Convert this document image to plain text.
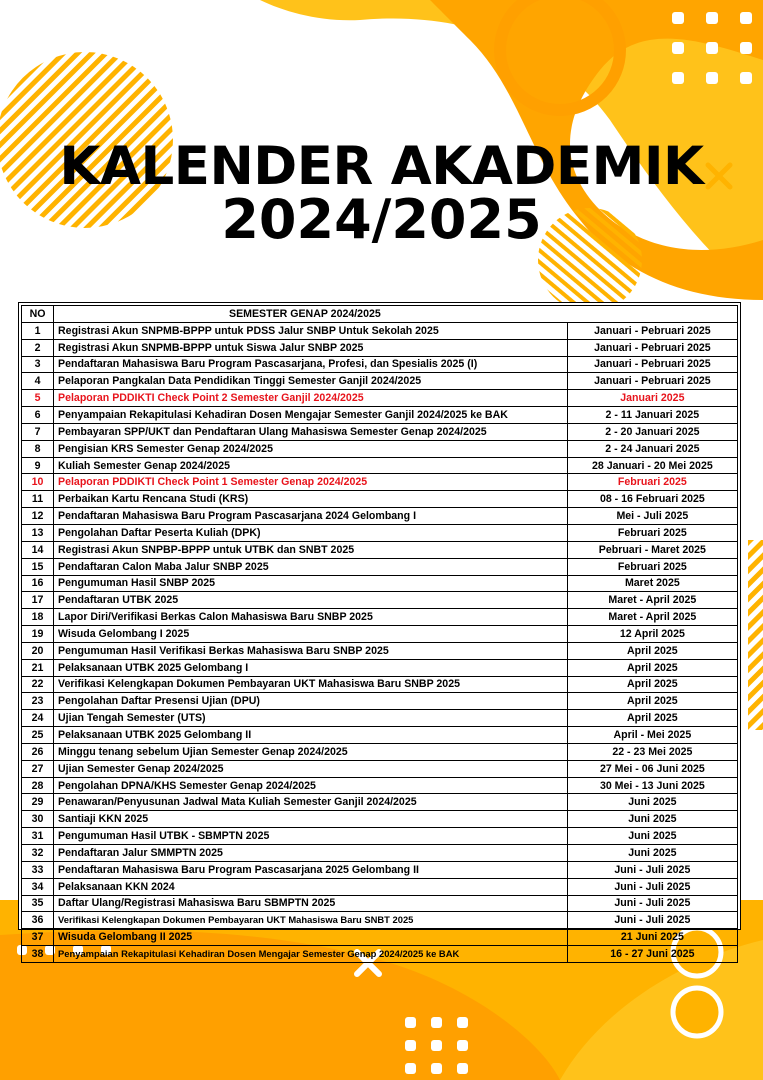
KALENDER AKADEMIK
2024/2025
NO	SEMESTER GENAP 2024/2025	
1	Registrasi Akun SNPMB-BPPP untuk PDSS Jalur SNBP Untuk Sekolah 2025	Januari - Pebruari 2025
2	Registrasi Akun SNPMB-BPPP untuk Siswa Jalur SNBP 2025	Januari - Pebruari 2025
3	Pendaftaran Mahasiswa Baru Program Pascasarjana, Profesi, dan Spesialis 2025 (I)	Januari - Pebruari 2025
4	Pelaporan Pangkalan Data Pendidikan Tinggi Semester Ganjil 2024/2025	Januari - Pebruari 2025
5	Pelaporan PDDIKTI Check Point 2 Semester Ganjil 2024/2025	Januari 2025
6	Penyampaian Rekapitulasi Kehadiran Dosen Mengajar Semester Ganjil 2024/2025 ke BAK	2 - 11 Januari 2025
7	Pembayaran SPP/UKT dan Pendaftaran Ulang Mahasiswa Semester Genap 2024/2025	2 - 20 Januari 2025
8	Pengisian KRS Semester Genap 2024/2025	2 - 24 Januari 2025
9	Kuliah Semester Genap 2024/2025	28 Januari - 20 Mei 2025
10	Pelaporan PDDIKTI Check Point 1 Semester Genap 2024/2025	Februari 2025
11	Perbaikan Kartu Rencana Studi (KRS)	08 - 16 Februari 2025
12	Pendaftaran Mahasiswa Baru Program Pascasarjana 2024 Gelombang I	Mei - Juli 2025
13	Pengolahan Daftar Peserta Kuliah (DPK)	Februari 2025
14	Registrasi Akun SNPBP-BPPP untuk UTBK dan SNBT 2025	Pebruari - Maret 2025
15	Pendaftaran Calon Maba Jalur SNBP 2025	Februari 2025
16	Pengumuman Hasil SNBP 2025	Maret 2025
17	Pendaftaran UTBK 2025	Maret - April 2025
18	Lapor Diri/Verifikasi Berkas Calon Mahasiswa Baru SNBP 2025	Maret - April 2025
19	Wisuda Gelombang I 2025	12 April 2025
20	Pengumuman Hasil Verifikasi Berkas Mahasiswa Baru SNBP 2025	April 2025
21	Pelaksanaan UTBK 2025 Gelombang I	April 2025
22	Verifikasi Kelengkapan Dokumen Pembayaran UKT Mahasiswa Baru SNBP 2025	April 2025
23	Pengolahan Daftar Presensi Ujian (DPU)	April 2025
24	Ujian Tengah Semester (UTS)	April 2025
25	Pelaksanaan UTBK 2025 Gelombang II	April - Mei 2025
26	Minggu tenang sebelum Ujian Semester Genap 2024/2025	22 - 23 Mei 2025
27	Ujian Semester Genap 2024/2025	27 Mei - 06 Juni 2025
28	Pengolahan DPNA/KHS Semester Genap 2024/2025	30 Mei - 13 Juni 2025
29	Penawaran/Penyusunan Jadwal Mata Kuliah Semester Ganjil 2024/2025	Juni 2025
30	Santiaji KKN 2025	Juni 2025
31	Pengumuman Hasil UTBK - SBMPTN 2025	Juni 2025
32	Pendaftaran Jalur SMMPTN 2025	Juni 2025
33	Pendaftaran Mahasiswa Baru Program Pascasarjana 2025 Gelombang II	Juni - Juli 2025
34	Pelaksanaan KKN 2024	Juni - Juli 2025
35	Daftar Ulang/Registrasi Mahasiswa Baru SBMPTN 2025	Juni - Juli 2025
36	Verifikasi Kelengkapan Dokumen Pembayaran UKT Mahasiswa Baru SNBT 2025	Juni - Juli 2025
37	Wisuda Gelombang II 2025	21 Juni 2025
38	Penyampaian Rekapitulasi Kehadiran Dosen Mengajar Semester Genap 2024/2025 ke BAK	16 - 27 Juni 2025
